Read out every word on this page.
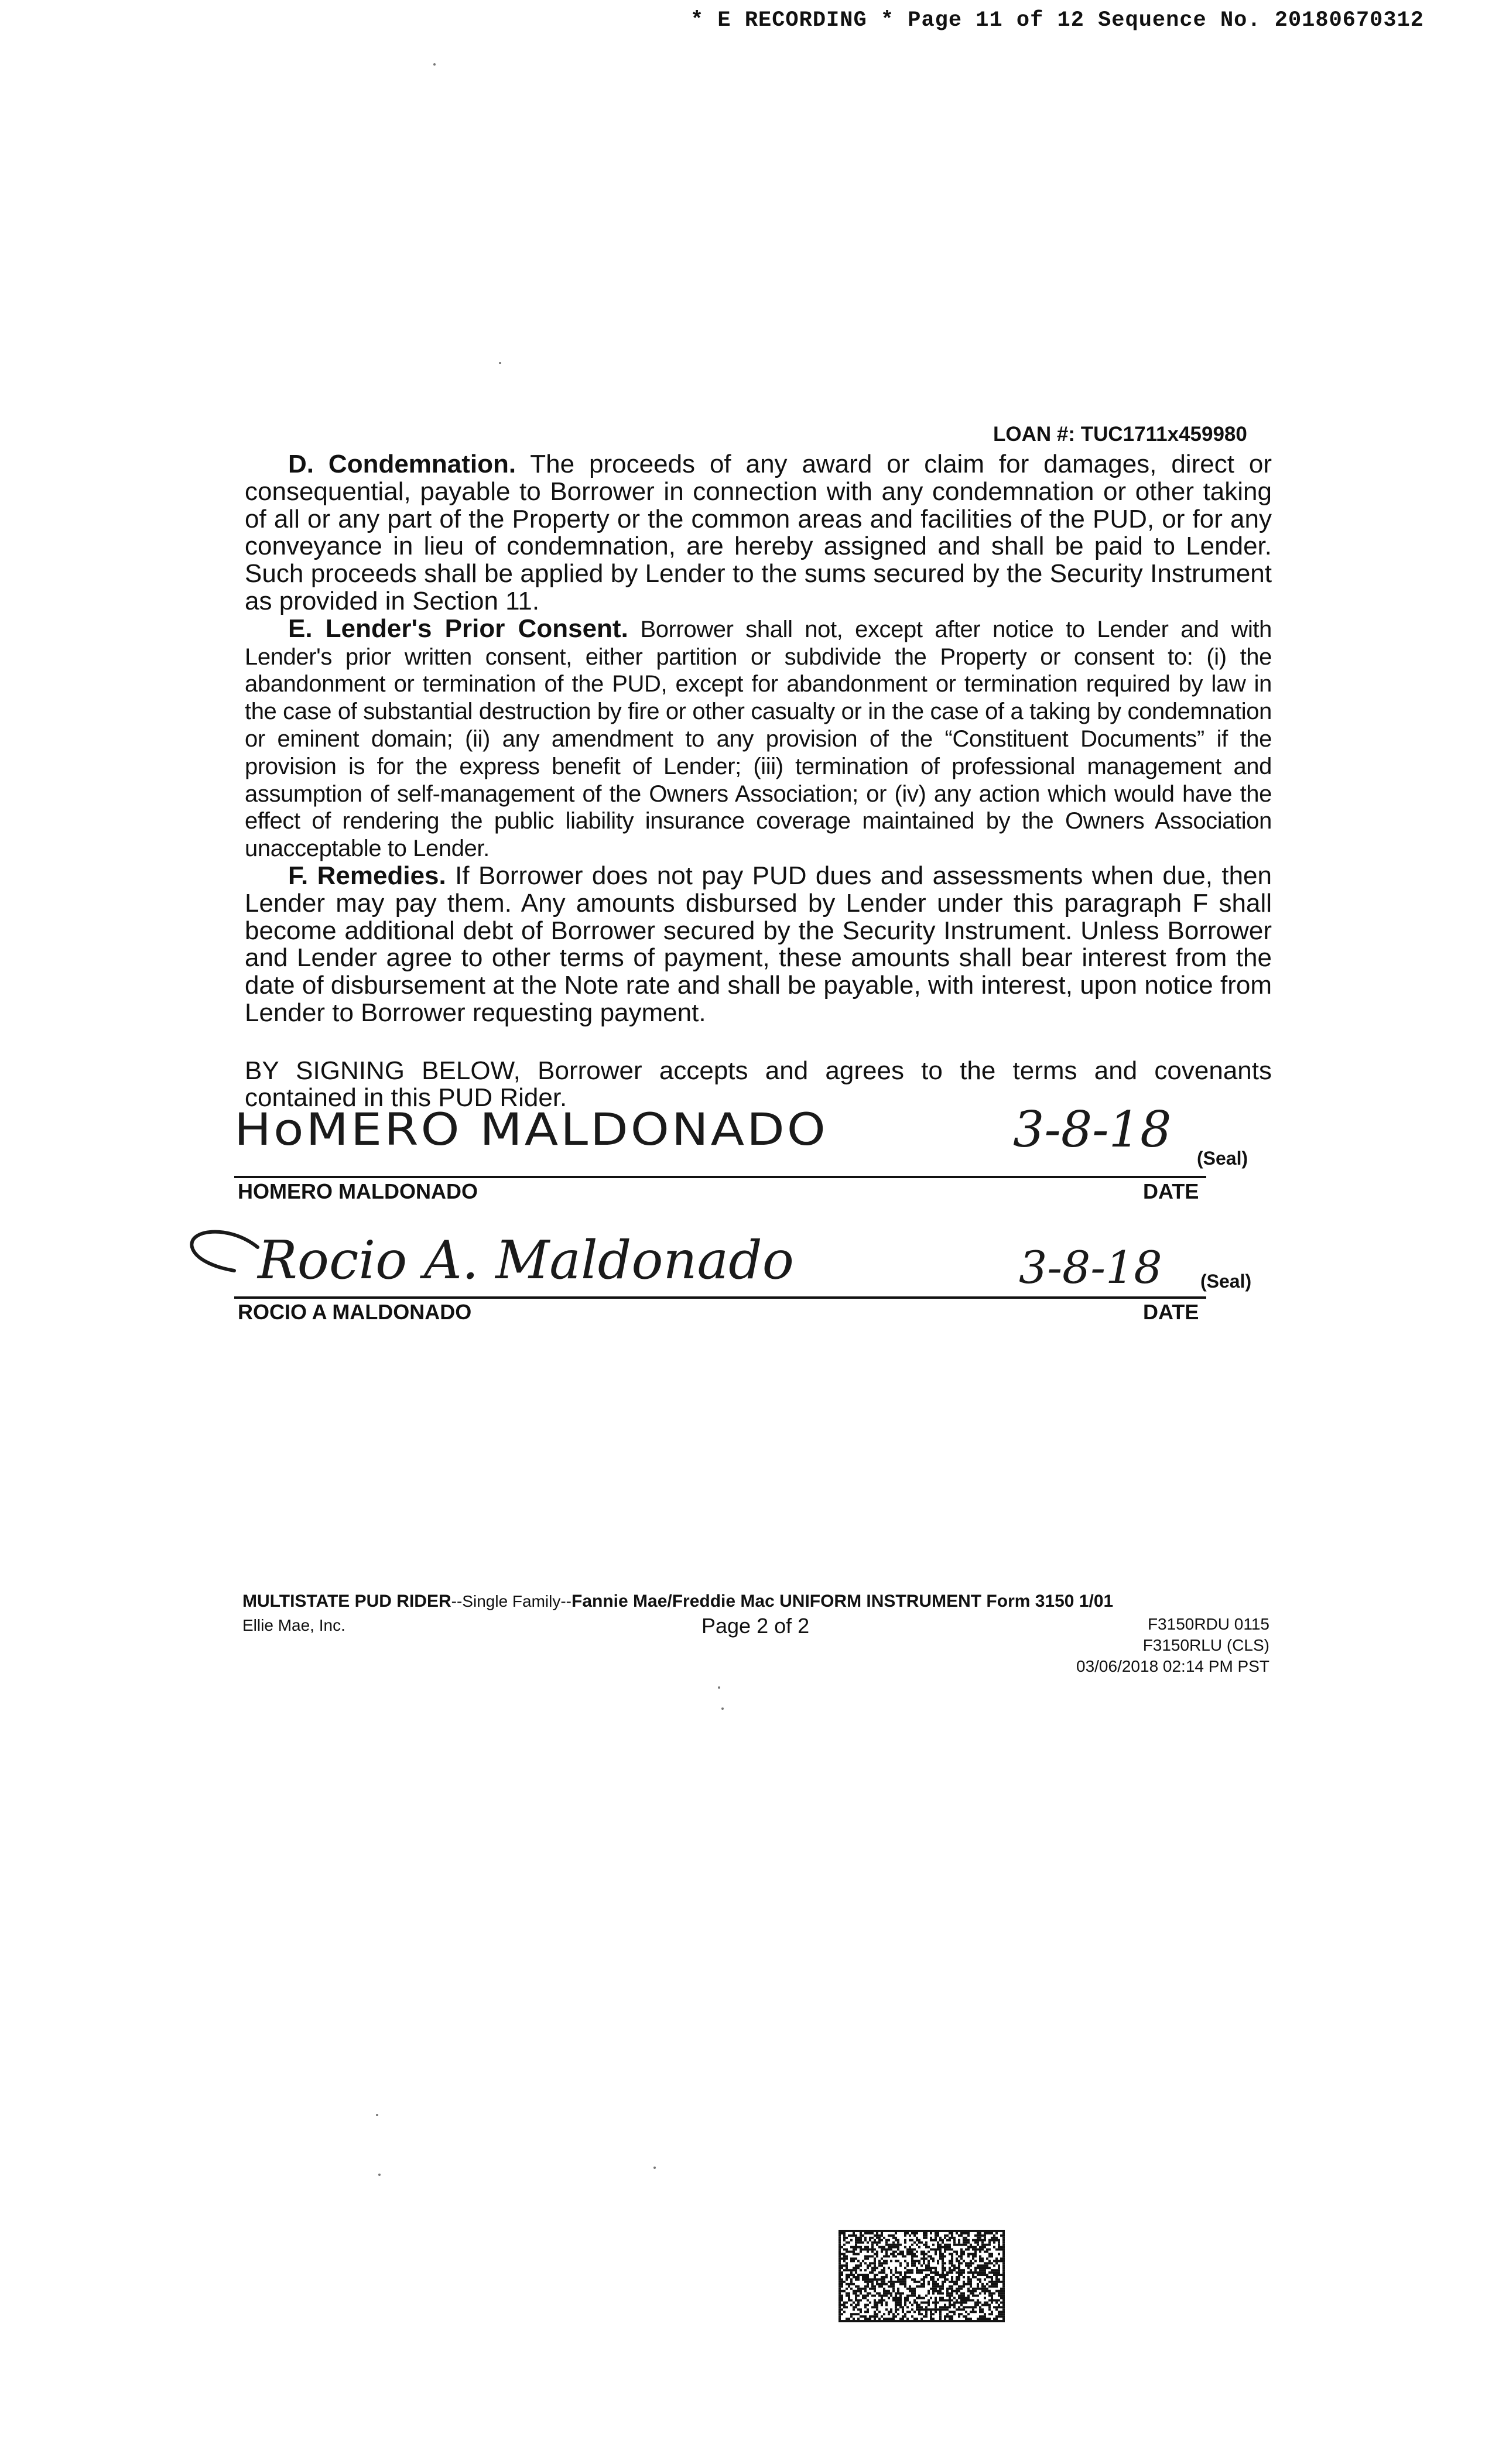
* E RECORDING * Page 11 of 12 Sequence No. 20180670312
LOAN #: TUC1711x459980

D. Condemnation. The proceeds of any award or claim for damages, direct or consequential, payable to Borrower in connection with any condemnation or other taking of all or any part of the Property or the common areas and facilities of the PUD, or for any conveyance in lieu of condemnation, are hereby assigned and shall be paid to Lender. Such proceeds shall be applied by Lender to the sums secured by the Security Instrument as provided in Section 11.

E. Lender's Prior Consent. Borrower shall not, except after notice to Lender and with Lender's prior written consent, either partition or subdivide the Property or consent to: (i) the abandonment or termination of the PUD, except for abandonment or termination required by law in the case of substantial destruction by fire or other casualty or in the case of a taking by condemnation or eminent domain; (ii) any amendment to any provision of the “Constituent Documents” if the provision is for the express benefit of Lender; (iii) termination of professional management and assumption of self-management of the Owners Association; or (iv) any action which would have the effect of rendering the public liability insurance coverage maintained by the Owners Association unacceptable to Lender.

F. Remedies. If Borrower does not pay PUD dues and assessments when due, then Lender may pay them. Any amounts disbursed by Lender under this paragraph F shall become additional debt of Borrower secured by the Security Instrument. Unless Borrower and Lender agree to other terms of payment, these amounts shall bear interest from the date of disbursement at the Note rate and shall be payable, with interest, upon notice from Lender to Borrower requesting payment.

BY SIGNING BELOW, Borrower accepts and agrees to the terms and covenants contained in this PUD Rider.
HoMERO MALDONADO	3-8-18 (Seal)
HOMERO MALDONADO	DATE
Rocio A. Maldonado	3-8-18 (Seal)
ROCIO A MALDONADO	DATE
MULTISTATE PUD RIDER--Single Family--Fannie Mae/Freddie Mac UNIFORM INSTRUMENT Form 3150 1/01
Ellie Mae, Inc.	Page 2 of 2	F3150RDU 0115
F3150RLU (CLS)
03/06/2018 02:14 PM PST
